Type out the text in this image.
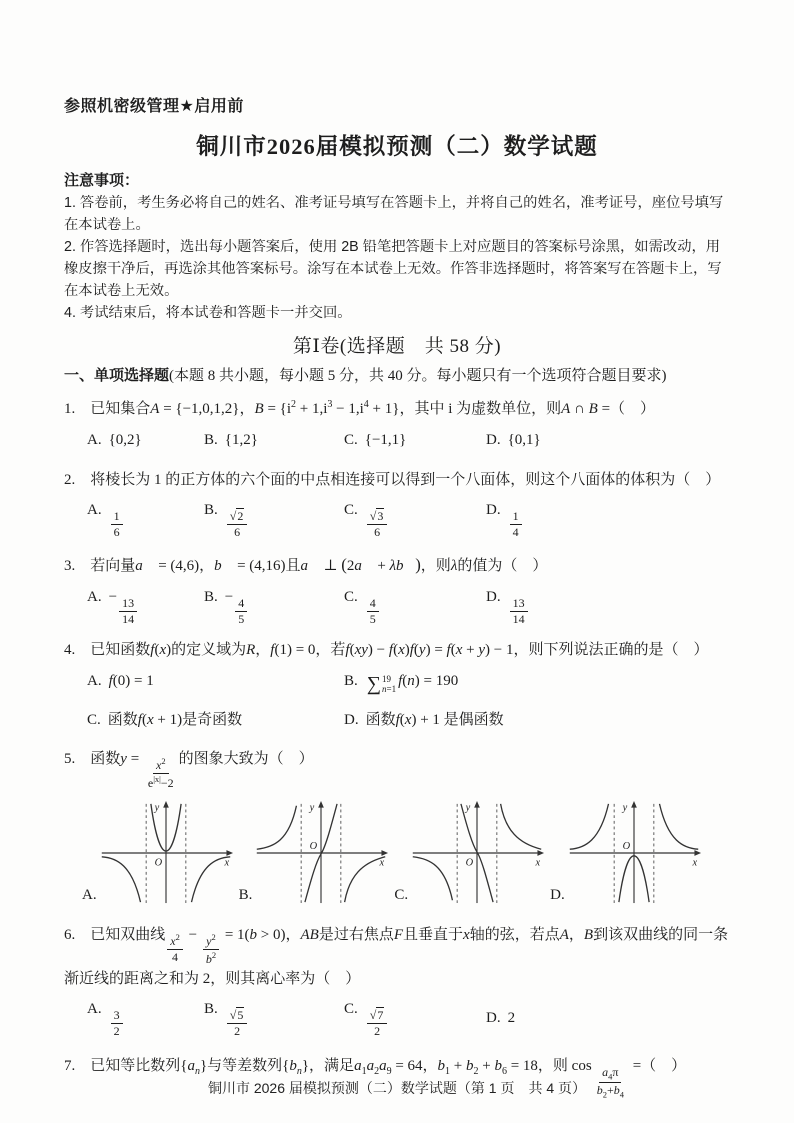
参照机密级管理★启用前
铜川市2026届模拟预测（二）数学试题
注意事项：
1. 答卷前，考生务必将自己的姓名、准考证号填写在答题卡上，并将自己的姓名，准考证号，座位号填写在本试卷上。
2. 作答选择题时，选出每小题答案后，使用 2B 铅笔把答题卡上对应题目的答案标号涂黑，如需改动，用橡皮擦干净后，再选涂其他答案标号。涂写在本试卷上无效。作答非选择题时，将答案写在答题卡上，写在本试卷上无效。
4. 考试结束后，将本试卷和答题卡一并交回。
第Ⅰ卷(选择题　共 58 分)
一、单项选择题(本题 8 共小题，每小题 5 分，共 40 分。每小题只有一个选项符合题目要求)
1.　已知集合A = {−1,0,1,2}，$B = \{i^2 + 1,i^3 - 1,i^4 + 1\}$，其中 i 为虚数单位，则A ∩ B =（　）
A. {0,2}	B. {1,2}	C. {−1,1}	D. {0,1}
2.　将棱长为 1 的正方体的六个面的中点相连接可以得到一个八面体，则这个八面体的体积为（　）
A. $\frac{1}{6}$	B. $\frac{√2}{6}$	C. $\frac{√3}{6}$	D. $\frac{1}{4}$
3.　若向量a⃗ = (4,6)，b⃗ = (4,16)且a⃗ ⊥ (2a⃗ + λb⃗)，则λ的值为（　）
A. − $\frac{13}{14}$	B. − $\frac{4}{5}$	C. $\frac{4}{5}$	D. $\frac{13}{14}$
4.　已知函数f(x)的定义域为R，f(1) = 0，若f(xy) − f(x)f(y) = f(x + y) − 1，则下列说法正确的是（　）
A. f(0) = 1	B. ∑ 19
n=1
f(n) = 190
C. 函数f(x + 1)是奇函数	D. 函数f(x) + 1 是偶函数
5.　函数$y = \frac{x^2}{e^{|x|}-2}$ 的图象大致为（　）
A.
y
x
O
B.
y
x
O
C.
y
x
O
D.
y
x
O
6.　已知双曲线 $\frac{x^2}{4} - \frac{y^2}{b^2} = 1(b > 0)$，AB是过右焦点F且垂直于x轴的弦，若点A，B到该双曲线的同一条渐近线的距离之和为 2，则其离心率为（　）
A. $\frac{3}{2}$	B. $\frac{√5}{2}$	C. $\frac{√7}{2}$	D. 2
7.　已知等比数列$\{a_n\}$与等差数列$\{b_n\}$，满足$a_1a_2a_9 = 64$，$b_1 + b_2 + b_6 = 18$，则 $\cos \frac{a_4\pi}{b_2+b_4}$ =（　）
铜川市 2026 届模拟预测（二）数学试题（第 1 页　共 4 页）
